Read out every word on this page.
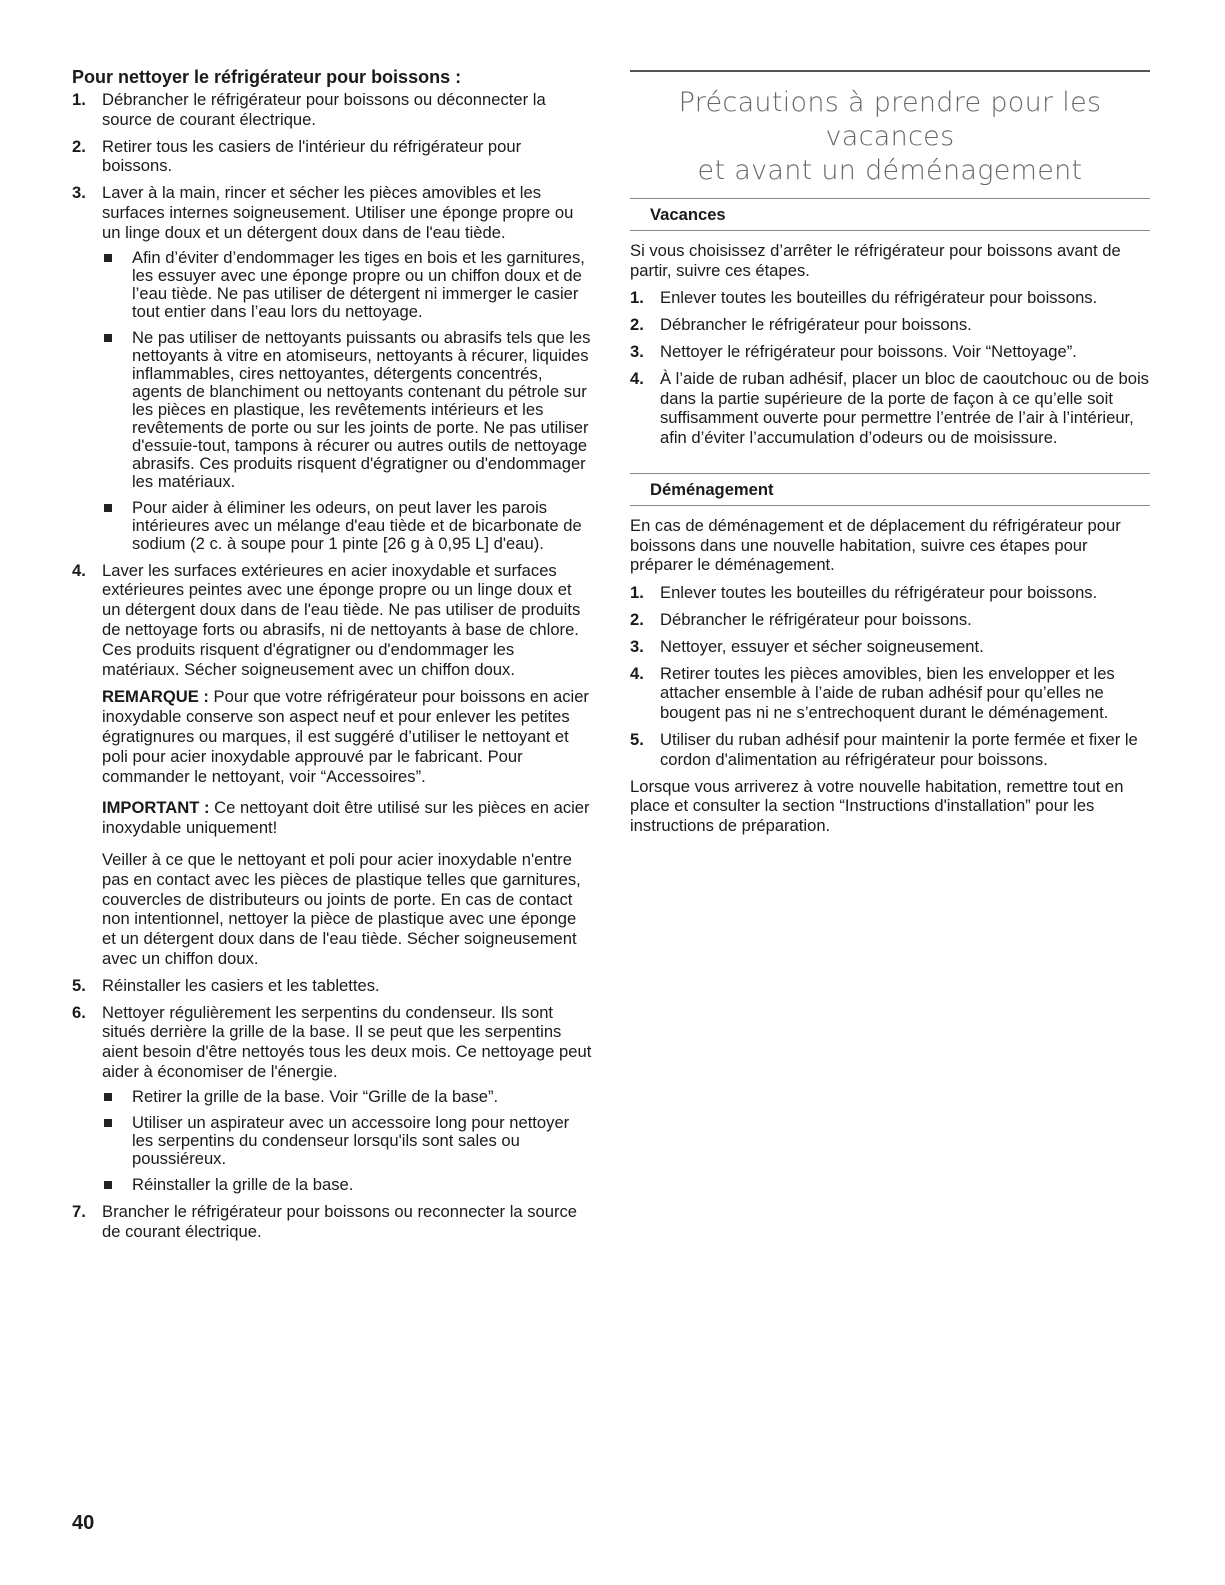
Pour nettoyer le réfrigérateur pour boissons :
1. Débrancher le réfrigérateur pour boissons ou déconnecter la source de courant électrique.
2. Retirer tous les casiers de l'intérieur du réfrigérateur pour boissons.
3. Laver à la main, rincer et sécher les pièces amovibles et les surfaces internes soigneusement. Utiliser une éponge propre ou un linge doux et un détergent doux dans de l'eau tiède.
Afin d’éviter d’endommager les tiges en bois et les garnitures, les essuyer avec une éponge propre ou un chiffon doux et de l’eau tiède. Ne pas utiliser de détergent ni immerger le casier tout entier dans l’eau lors du nettoyage.
Ne pas utiliser de nettoyants puissants ou abrasifs tels que les nettoyants à vitre en atomiseurs, nettoyants à récurer, liquides inflammables, cires nettoyantes, détergents concentrés, agents de blanchiment ou nettoyants contenant du pétrole sur les pièces en plastique, les revêtements intérieurs et les revêtements de porte ou sur les joints de porte. Ne pas utiliser d'essuie-tout, tampons à récurer ou autres outils de nettoyage abrasifs. Ces produits risquent d'égratigner ou d'endommager les matériaux.
Pour aider à éliminer les odeurs, on peut laver les parois intérieures avec un mélange d'eau tiède et de bicarbonate de sodium (2 c. à soupe pour 1 pinte [26 g à 0,95 L] d'eau).
4. Laver les surfaces extérieures en acier inoxydable et surfaces extérieures peintes avec une éponge propre ou un linge doux et un détergent doux dans de l'eau tiède. Ne pas utiliser de produits de nettoyage forts ou abrasifs, ni de nettoyants à base de chlore. Ces produits risquent d'égratigner ou d'endommager les matériaux. Sécher soigneusement avec un chiffon doux.

REMARQUE : Pour que votre réfrigérateur pour boissons en acier inoxydable conserve son aspect neuf et pour enlever les petites égratignures ou marques, il est suggéré d’utiliser le nettoyant et poli pour acier inoxydable approuvé par le fabricant. Pour commander le nettoyant, voir “Accessoires”.

IMPORTANT : Ce nettoyant doit être utilisé sur les pièces en acier inoxydable uniquement!

Veiller à ce que le nettoyant et poli pour acier inoxydable n'entre pas en contact avec les pièces de plastique telles que garnitures, couvercles de distributeurs ou joints de porte. En cas de contact non intentionnel, nettoyer la pièce de plastique avec une éponge et un détergent doux dans de l'eau tiède. Sécher soigneusement avec un chiffon doux.

5. Réinstaller les casiers et les tablettes.
6. Nettoyer régulièrement les serpentins du condenseur. Ils sont situés derrière la grille de la base. Il se peut que les serpentins aient besoin d'être nettoyés tous les deux mois. Ce nettoyage peut aider à économiser de l'énergie.
Retirer la grille de la base. Voir “Grille de la base”.
Utiliser un aspirateur avec un accessoire long pour nettoyer les serpentins du condenseur lorsqu'ils sont sales ou poussiéreux.
Réinstaller la grille de la base.
7. Brancher le réfrigérateur pour boissons ou reconnecter la source de courant électrique.
Précautions à prendre pour les vacances
et avant un déménagement
Vacances

Si vous choisissez d’arrêter le réfrigérateur pour boissons avant de partir, suivre ces étapes.

1. Enlever toutes les bouteilles du réfrigérateur pour boissons.
2. Débrancher le réfrigérateur pour boissons.
3. Nettoyer le réfrigérateur pour boissons. Voir “Nettoyage”.
4. À l’aide de ruban adhésif, placer un bloc de caoutchouc ou de bois dans la partie supérieure de la porte de façon à ce qu’elle soit suffisamment ouverte pour permettre l’entrée de l’air à l’intérieur, afin d’éviter l’accumulation d’odeurs ou de moisissure.
Déménagement

En cas de déménagement et de déplacement du réfrigérateur pour boissons dans une nouvelle habitation, suivre ces étapes pour préparer le déménagement.

1. Enlever toutes les bouteilles du réfrigérateur pour boissons.
2. Débrancher le réfrigérateur pour boissons.
3. Nettoyer, essuyer et sécher soigneusement.
4. Retirer toutes les pièces amovibles, bien les envelopper et les attacher ensemble à l’aide de ruban adhésif pour qu’elles ne bougent pas ni ne s’entrechoquent durant le déménagement.
5. Utiliser du ruban adhésif pour maintenir la porte fermée et fixer le cordon d'alimentation au réfrigérateur pour boissons.

Lorsque vous arriverez à votre nouvelle habitation, remettre tout en place et consulter la section “Instructions d'installation” pour les instructions de préparation.

40
